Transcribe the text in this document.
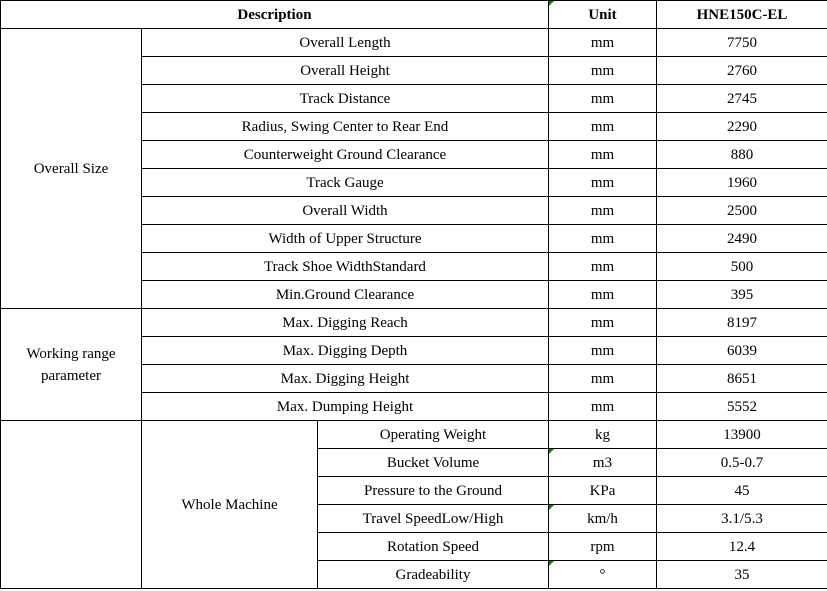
Description			Unit	HNE150C-EL
Overall Size	Overall Length		mm	7750
	Overall Height		mm	2760
	Track Distance		mm	2745
	Radius, Swing Center to Rear End		mm	2290
	Counterweight Ground Clearance		mm	880
	Track Gauge		mm	1960
	Overall Width		mm	2500
	Width of Upper Structure		mm	2490
	Track Shoe WidthStandard		mm	500
	Min.Ground Clearance		mm	395
Working range parameter	Max. Digging Reach		mm	8197
	Max. Digging Depth		mm	6039
	Max. Digging Height		mm	8651
	Max. Dumping Height		mm	5552
	Whole Machine	Operating Weight	kg	13900
		Bucket Volume	m3	0.5-0.7
		Pressure to the Ground	KPa	45
		Travel SpeedLow/High	km/h	3.1/5.3
		Rotation Speed	rpm	12.4
		Gradeability	°	35
